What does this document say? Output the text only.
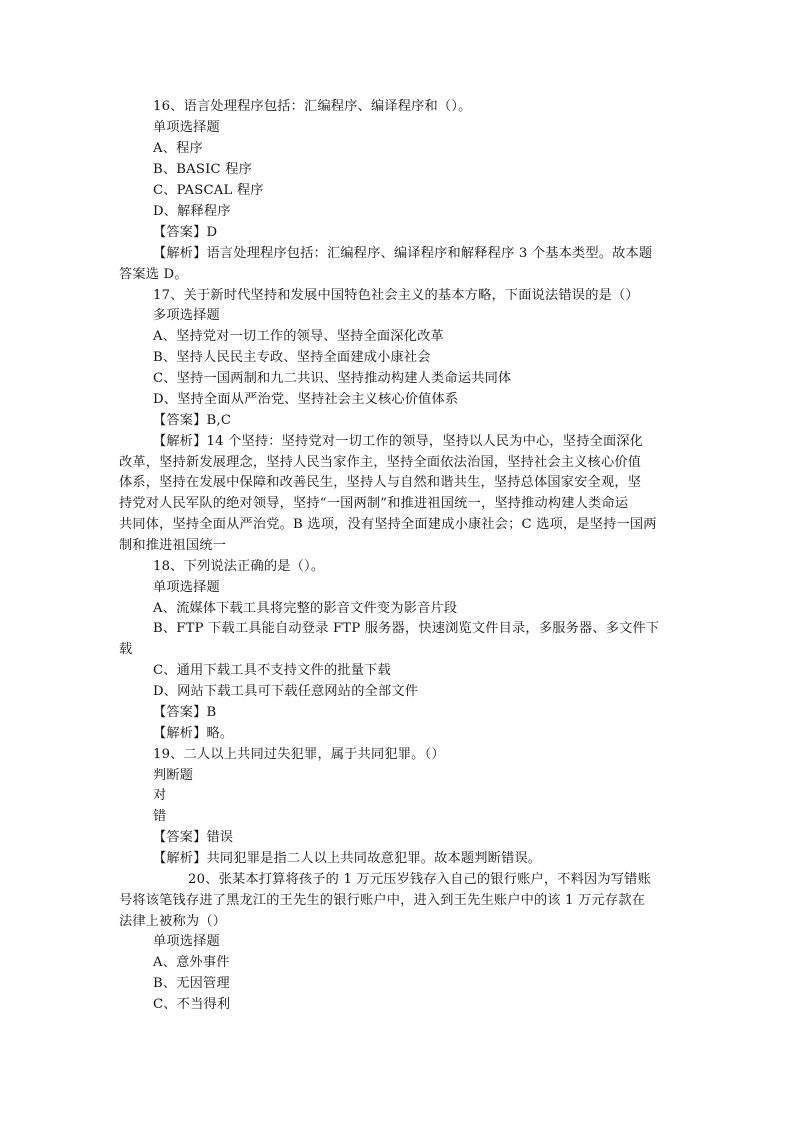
16、语言处理程序包括：汇编程序、编译程序和（）。
单项选择题
A、程序
B、BASIC 程序
C、PASCAL 程序
D、解释程序
【答案】D
【解析】语言处理程序包括：汇编程序、编译程序和解释程序 3 个基本类型。故本题
答案选 D。
17、关于新时代坚持和发展中国特色社会主义的基本方略，下面说法错误的是（）
多项选择题
A、坚持党对一切工作的领导、坚持全面深化改革
B、坚持人民民主专政、坚持全面建成小康社会
C、坚持一国两制和九二共识、坚持推动构建人类命运共同体
D、坚持全面从严治党、坚持社会主义核心价值体系
【答案】B,C
【解析】14 个坚持：坚持党对一切工作的领导，坚持以人民为中心，坚持全面深化
改革，坚持新发展理念，坚持人民当家作主，坚持全面依法治国，坚持社会主义核心价值
体系，坚持在发展中保障和改善民生，坚持人与自然和谐共生，坚持总体国家安全观，坚
持党对人民军队的绝对领导，坚持“一国两制”和推进祖国统一，坚持推动构建人类命运
共同体，坚持全面从严治党。B 选项，没有坚持全面建成小康社会；C 选项，是坚持一国两
制和推进祖国统一
18、下列说法正确的是（）。
单项选择题
A、流媒体下载工具将完整的影音文件变为影音片段
B、FTP 下载工具能自动登录 FTP 服务器，快速浏览文件目录，多服务器、多文件下
载
C、通用下载工具不支持文件的批量下载
D、网站下载工具可下载任意网站的全部文件
【答案】B
【解析】略。
19、二人以上共同过失犯罪，属于共同犯罪。（）
判断题
对
错
【答案】错误
【解析】共同犯罪是指二人以上共同故意犯罪。故本题判断错误。
20、张某本打算将孩子的 1 万元压岁钱存入自己的银行账户，不料因为写错账
号将该笔钱存进了黑龙江的王先生的银行账户中，进入到王先生账户中的该 1 万元存款在
法律上被称为（）
单项选择题
A、意外事件
B、无因管理
C、不当得利
